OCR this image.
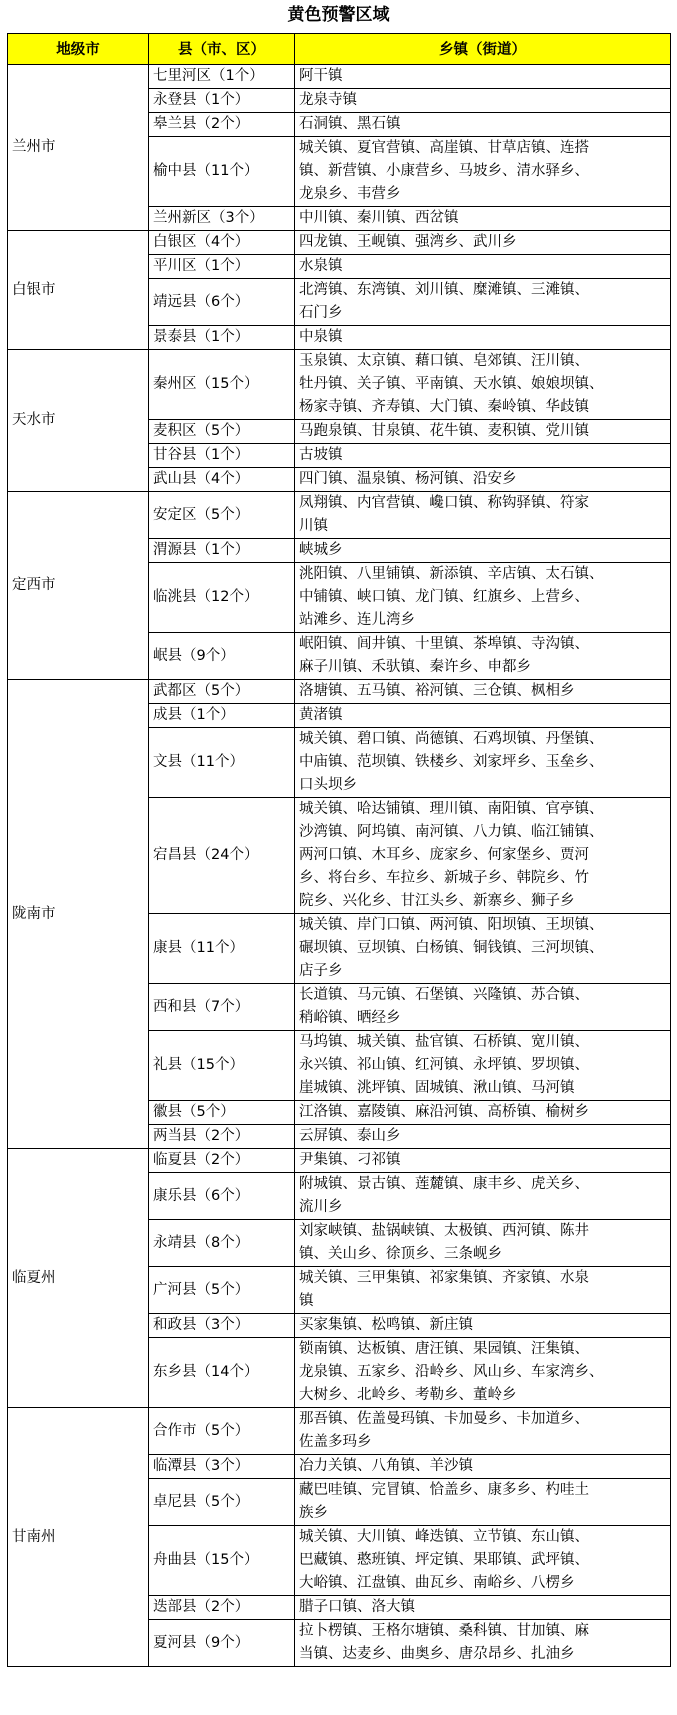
黄色预警区域
地级市	县（市、区）	乡镇（街道）
兰州市	七里河区（1个）	阿干镇
	永登县（1个）	龙泉寺镇
	皋兰县（2个）	石洞镇、黑石镇
	榆中县（11个）	城关镇、夏官营镇、高崖镇、甘草店镇、连搭
镇、新营镇、小康营乡、马坡乡、清水驿乡、
龙泉乡、韦营乡
	兰州新区（3个）	中川镇、秦川镇、西岔镇
白银市	白银区（4个）	四龙镇、王岘镇、强湾乡、武川乡
	平川区（1个）	水泉镇
	靖远县（6个）	北湾镇、东湾镇、刘川镇、糜滩镇、三滩镇、
石门乡
	景泰县（1个）	中泉镇
天水市	秦州区（15个）	玉泉镇、太京镇、藉口镇、皂郊镇、汪川镇、
牡丹镇、关子镇、平南镇、天水镇、娘娘坝镇、
杨家寺镇、齐寿镇、大门镇、秦岭镇、华歧镇
	麦积区（5个）	马跑泉镇、甘泉镇、花牛镇、麦积镇、党川镇
	甘谷县（1个）	古坡镇
	武山县（4个）	四门镇、温泉镇、杨河镇、沿安乡
定西市	安定区（5个）	凤翔镇、内官营镇、巉口镇、称钩驿镇、符家
川镇
	渭源县（1个）	峡城乡
	临洮县（12个）	洮阳镇、八里铺镇、新添镇、辛店镇、太石镇、
中铺镇、峡口镇、龙门镇、红旗乡、上营乡、
站滩乡、连儿湾乡
	岷县（9个）	岷阳镇、闾井镇、十里镇、茶埠镇、寺沟镇、
麻子川镇、禾驮镇、秦许乡、申都乡
陇南市	武都区（5个）	洛塘镇、五马镇、裕河镇、三仓镇、枫相乡
	成县（1个）	黄渚镇
	文县（11个）	城关镇、碧口镇、尚德镇、石鸡坝镇、丹堡镇、
中庙镇、范坝镇、铁楼乡、刘家坪乡、玉垒乡、
口头坝乡
	宕昌县（24个）	城关镇、哈达铺镇、理川镇、南阳镇、官亭镇、
沙湾镇、阿坞镇、南河镇、八力镇、临江铺镇、
两河口镇、木耳乡、庞家乡、何家堡乡、贾河
乡、将台乡、车拉乡、新城子乡、韩院乡、竹
院乡、兴化乡、甘江头乡、新寨乡、狮子乡
	康县（11个）	城关镇、岸门口镇、两河镇、阳坝镇、王坝镇、
碾坝镇、豆坝镇、白杨镇、铜钱镇、三河坝镇、
店子乡
	西和县（7个）	长道镇、马元镇、石堡镇、兴隆镇、苏合镇、
稍峪镇、晒经乡
	礼县（15个）	马坞镇、城关镇、盐官镇、石桥镇、宽川镇、
永兴镇、祁山镇、红河镇、永坪镇、罗坝镇、
崖城镇、洮坪镇、固城镇、湫山镇、马河镇
	徽县（5个）	江洛镇、嘉陵镇、麻沿河镇、高桥镇、榆树乡
	两当县（2个）	云屏镇、泰山乡
临夏州	临夏县（2个）	尹集镇、刁祁镇
	康乐县（6个）	附城镇、景古镇、莲麓镇、康丰乡、虎关乡、
流川乡
	永靖县（8个）	刘家峡镇、盐锅峡镇、太极镇、西河镇、陈井
镇、关山乡、徐顶乡、三条岘乡
	广河县（5个）	城关镇、三甲集镇、祁家集镇、齐家镇、水泉
镇
	和政县（3个）	买家集镇、松鸣镇、新庄镇
	东乡县（14个）	锁南镇、达板镇、唐汪镇、果园镇、汪集镇、
龙泉镇、五家乡、沿岭乡、风山乡、车家湾乡、
大树乡、北岭乡、考勒乡、董岭乡
甘南州	合作市（5个）	那吾镇、佐盖曼玛镇、卡加曼乡、卡加道乡、
佐盖多玛乡
	临潭县（3个）	冶力关镇、八角镇、羊沙镇
	卓尼县（5个）	藏巴哇镇、完冒镇、恰盖乡、康多乡、杓哇土
族乡
	舟曲县（15个）	城关镇、大川镇、峰迭镇、立节镇、东山镇、
巴藏镇、憨班镇、坪定镇、果耶镇、武坪镇、
大峪镇、江盘镇、曲瓦乡、南峪乡、八楞乡
	迭部县（2个）	腊子口镇、洛大镇
	夏河县（9个）	拉卜楞镇、王格尔塘镇、桑科镇、甘加镇、麻
当镇、达麦乡、曲奥乡、唐尕昂乡、扎油乡
